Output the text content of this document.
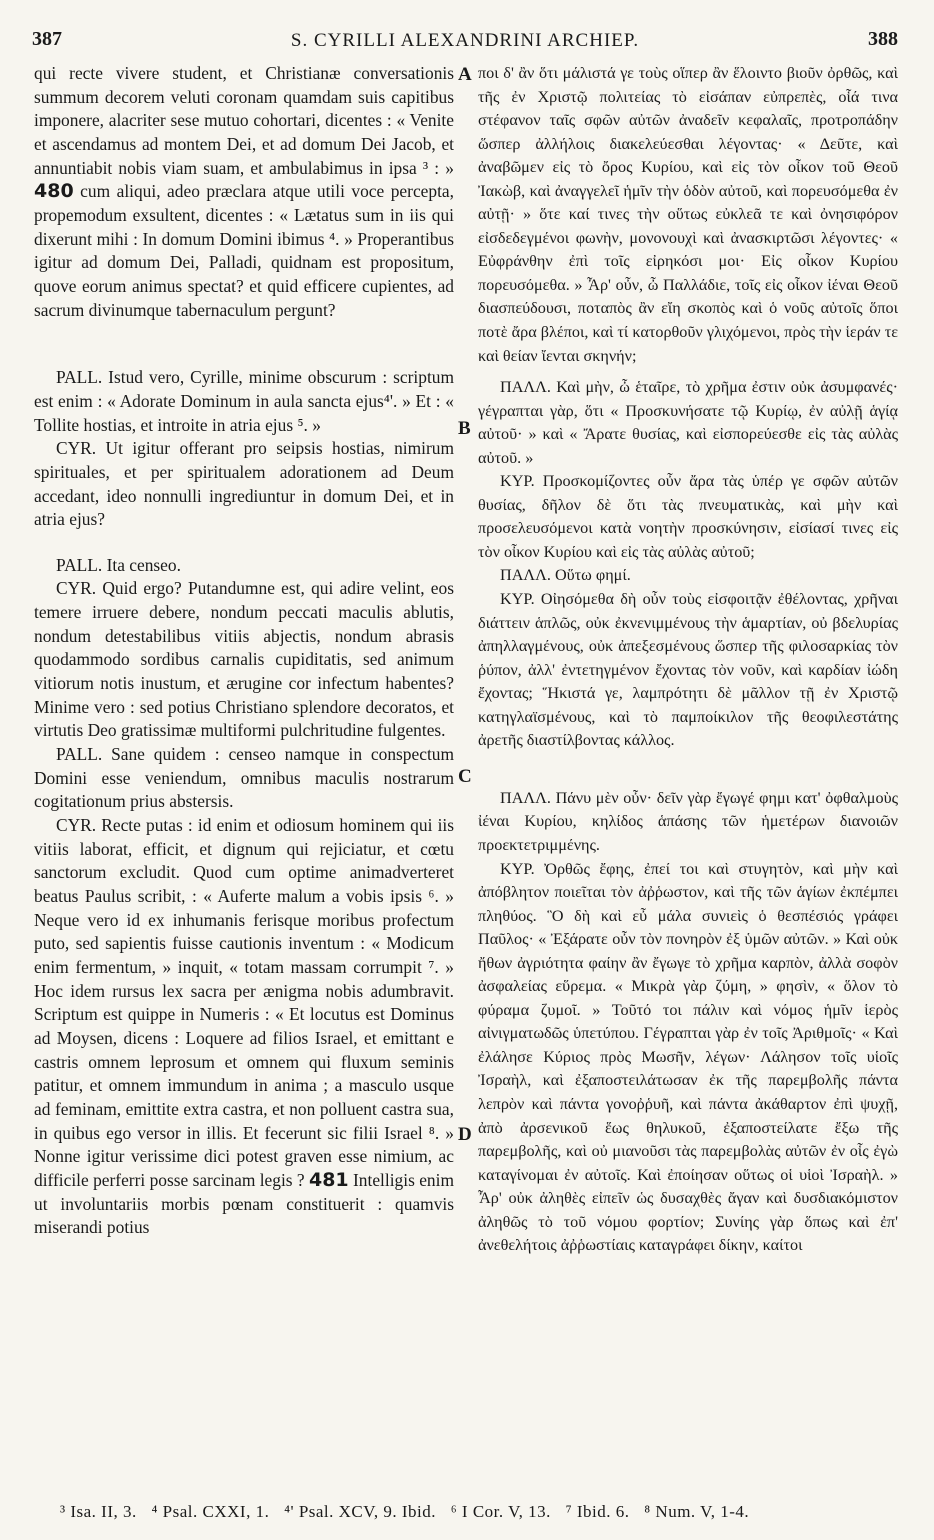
387	S. CYRILLI ALEXANDRINI ARCHIEP.	388

qui recte vivere student, et Christianæ conversationis summum decorem veluti coronam quamdam suis capitibus imponere, alacriter sese mutuo cohortari, dicentes : « Venite et ascendamus ad montem Dei, et ad domum Dei Jacob, et annuntiabit nobis viam suam, et ambulabimus in ipsa ³ : » 480 cum aliqui, adeo præclara atque utili voce percepta, propemodum exsultent, dicentes : « Lætatus sum in iis qui dixerunt mihi : In domum Domini ibimus ⁴. » Properantibus igitur ad domum Dei, Palladi, quidnam est propositum, quove eorum animus spectat? et quid efficere cupientes, ad sacrum divinumque tabernaculum pergunt?

PALL. Istud vero, Cyrille, minime obscurum : scriptum est enim : « Adorate Dominum in aula sancta ejus⁴'. » Et : « Tollite hostias, et introite in atria ejus ⁵. »

CYR. Ut igitur offerant pro seipsis hostias, nimirum spirituales, et per spiritualem adorationem ad Deum accedant, ideo nonnulli ingrediuntur in domum Dei, et in atria ejus?

PALL. Ita censeo.

CYR. Quid ergo? Putandumne est, qui adire velint, eos temere irruere debere, nondum peccati maculis ablutis, nondum detestabilibus vitiis abjectis, nondum abrasis quodammodo sordibus carnalis cupiditatis, sed animum vitiorum notis inustum, et ærugine cor infectum habentes? Minime vero : sed potius Christiano splendore decoratos, et virtutis Deo gratissimæ multiformi pulchritudine fulgentes.

PALL. Sane quidem : censeo namque in conspectum Domini esse veniendum, omnibus maculis nostrarum cogitationum prius abstersis.

CYR. Recte putas : id enim et odiosum hominem qui iis vitiis laborat, efficit, et dignum qui rejiciatur, et cœtu sanctorum excludit. Quod cum optime animadverteret beatus Paulus scribit, : « Auferte malum a vobis ipsis ⁶. » Neque vero id ex inhumanis ferisque moribus profectum puto, sed sapientis fuisse cautionis inventum : « Modicum enim fermentum, » inquit, « totam massam corrumpit ⁷. » Hoc idem rursus lex sacra per ænigma nobis adumbravit. Scriptum est quippe in Numeris : « Et locutus est Dominus ad Moysen, dicens : Loquere ad filios Israel, et emittant e castris omnem leprosum et omnem qui fluxum seminis patitur, et omnem immundum in anima ; a masculo usque ad feminam, emittite extra castra, et non polluent castra sua, in quibus ego versor in illis. Et fecerunt sic filii Israel ⁸. » Nonne igitur verissime dici potest graven esse nimium, ac difficile perferri posse sarcinam legis ? 481 Intelligis enim ut involuntariis morbis pœnam constituerit : quamvis miserandi potius

A
B
C
D

ποι δ' ἂν ὅτι μάλιστά γε τοὺς οἵπερ ἂν ἕλοιντο βιοῦν ὀρθῶς, καὶ τῆς ἐν Χριστῷ πολιτείας τὸ εἰσάπαν εὐπρεπὲς, οἷά τινα στέφανον ταῖς σφῶν αὐτῶν ἀναδεῖν κεφαλαῖς, προτροπάδην ὥσπερ ἀλλήλοις διακελεύεσθαι λέγοντας· « Δεῦτε, καὶ ἀναβῶμεν εἰς τὸ ὄρος Κυρίου, καὶ εἰς τὸν οἶκον τοῦ Θεοῦ Ἰακὼβ, καὶ ἀναγγελεῖ ἡμῖν τὴν ὁδὸν αὐτοῦ, καὶ πορευσόμεθα ἐν αὐτῇ· » ὅτε καί τινες τὴν οὕτως εὐκλεᾶ τε καὶ ὀνησιφόρον εἰσδεδεγμένοι φωνὴν, μονονουχὶ καὶ ἀνασκιρτῶσι λέγοντες· « Εὐφράνθην ἐπὶ τοῖς εἰρηκόσι μοι· Εἰς οἶκον Κυρίου πορευσόμεθα. » Ἆρ' οὖν, ὦ Παλλάδιε, τοῖς εἰς οἶκον ἰέναι Θεοῦ διασπεύδουσι, ποταπὸς ἂν εἴη σκοπὸς καὶ ὁ νοῦς αὐτοῖς ὅποι ποτὲ ἄρα βλέποι, καὶ τί κατορθοῦν γλιχόμενοι, πρὸς τὴν ἱεράν τε καὶ θείαν ἴενται σκηνήν;

ΠΑΛΛ. Καὶ μὴν, ὦ ἑταῖρε, τὸ χρῆμα ἐστιν οὐκ ἀσυμφανές· γέγραπται γὰρ, ὅτι « Προσκυνήσατε τῷ Κυρίῳ, ἐν αὐλῇ ἁγίᾳ αὐτοῦ· » καὶ « Ἄρατε θυσίας, καὶ εἰσπορεύεσθε εἰς τὰς αὐλὰς αὐτοῦ. »

ΚΥΡ. Προσκομίζοντες οὖν ἄρα τὰς ὑπέρ γε σφῶν αὐτῶν θυσίας, δῆλον δὲ ὅτι τὰς πνευματικὰς, καὶ μὴν καὶ προσελευσόμενοι κατὰ νοητὴν προσκύνησιν, εἰσίασί τινες εἰς τὸν οἶκον Κυρίου καὶ εἰς τὰς αὐλὰς αὐτοῦ;

ΠΑΛΛ. Οὕτω φημί.

ΚΥΡ. Οἰησόμεθα δὴ οὖν τοὺς εἰσφοιτᾷν ἐθέλοντας, χρῆναι διάττειν ἁπλῶς, οὐκ ἐκνενιμμένους τὴν ἁμαρτίαν, οὐ βδελυρίας ἀπηλλαγμένους, οὐκ ἀπεξεσμένους ὥσπερ τῆς φιλοσαρκίας τὸν ῥύπον, ἀλλ' ἐντετηγμένον ἔχοντας τὸν νοῦν, καὶ καρδίαν ἰώδη ἔχοντας; Ἥκιστά γε, λαμπρότητι δὲ μᾶλλον τῇ ἐν Χριστῷ κατηγλαϊσμένους, καὶ τὸ παμποίκιλον τῆς θεοφιλεστάτης ἀρετῆς διαστίλβοντας κάλλος.

ΠΑΛΛ. Πάνυ μὲν οὖν· δεῖν γὰρ ἔγωγέ φημι κατ' ὀφθαλμοὺς ἰέναι Κυρίου, κηλίδος ἁπάσης τῶν ἡμετέρων διανοιῶν προεκτετριμμένης.

ΚΥΡ. Ὀρθῶς ἔφης, ἐπεί τοι καὶ στυγητὸν, καὶ μὴν καὶ ἀπόβλητον ποιεῖται τὸν ἀῤῥωστον, καὶ τῆς τῶν ἁγίων ἐκπέμπει πληθύος. Ὃ δὴ καὶ εὖ μάλα συνιεὶς ὁ θεσπέσιός γράφει Παῦλος· « Ἐξάρατε οὖν τὸν πονηρὸν ἐξ ὑμῶν αὐτῶν. » Καὶ οὐκ ἤθων ἀγριότητα φαίην ἂν ἔγωγε τὸ χρῆμα καρπὸν, ἀλλὰ σοφὸν ἀσφαλείας εὕρεμα. « Μικρὰ γὰρ ζύμη, » φησὶν, « ὅλον τὸ φύραμα ζυμοῖ. » Τοῦτό τοι πάλιν καὶ νόμος ἡμῖν ἱερὸς αἰνιγματωδῶς ὑπετύπου. Γέγραπται γὰρ ἐν τοῖς Ἀριθμοῖς· « Καὶ ἐλάλησε Κύριος πρὸς Μωσῆν, λέγων· Λάλησον τοῖς υἱοῖς Ἰσραὴλ, καὶ ἐξαποστειλάτωσαν ἐκ τῆς παρεμβολῆς πάντα λεπρὸν καὶ πάντα γονοῤῥυῆ, καὶ πάντα ἀκάθαρτον ἐπὶ ψυχῇ, ἀπὸ ἀρσενικοῦ ἕως θηλυκοῦ, ἐξαποστείλατε ἔξω τῆς παρεμβολῆς, καὶ οὐ μιανοῦσι τὰς παρεμβολὰς αὐτῶν ἐν οἷς ἐγὼ καταγίνομαι ἐν αὐτοῖς. Καὶ ἐποίησαν οὕτως οἱ υἱοὶ Ἰσραὴλ. » Ἆρ' οὐκ ἀληθὲς εἰπεῖν ὡς δυσαχθὲς ἄγαν καὶ δυσδιακόμιστον ἀληθῶς τὸ τοῦ νόμου φορτίον; Συνίης γὰρ ὅπως καὶ ἐπ' ἀνεθελήτοις ἀῤῥωστίαις καταγράφει δίκην, καίτοι

³ Isa. II, 3. ⁴ Psal. CXXI, 1. ⁴' Psal. XCV, 9. Ibid. ⁶ I Cor. V, 13. ⁷ Ibid. 6. ⁸ Num. V, 1-4.
